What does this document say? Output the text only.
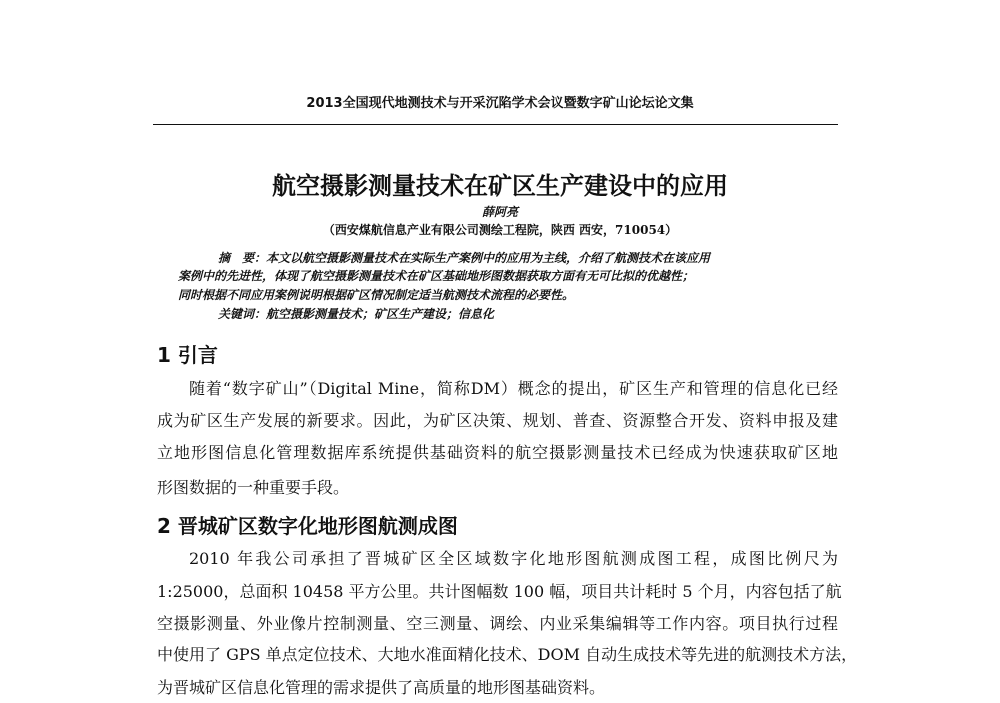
2013全国现代地测技术与开采沉陷学术会议暨数字矿山论坛论文集
航空摄影测量技术在矿区生产建设中的应用
薛阿亮
（西安煤航信息产业有限公司测绘工程院，陕西 西安，710054）
摘　要：本文以航空摄影测量技术在实际生产案例中的应用为主线，介绍了航测技术在该应用
案例中的先进性，体现了航空摄影测量技术在矿区基础地形图数据获取方面有无可比拟的优越性；
同时根据不同应用案例说明根据矿区情况制定适当航测技术流程的必要性。
关键词：航空摄影测量技术；矿区生产建设；信息化
1 引言
随着“数字矿山”（Digital Mine，简称DM）概念的提出，矿区生产和管理的信息化已经
成为矿区生产发展的新要求。因此，为矿区决策、规划、普查、资源整合开发、资料申报及建
立地形图信息化管理数据库系统提供基础资料的航空摄影测量技术已经成为快速获取矿区地
形图数据的一种重要手段。
2 晋城矿区数字化地形图航测成图
2010 年我公司承担了晋城矿区全区域数字化地形图航测成图工程，成图比例尺为
1:25000，总面积 10458 平方公里。共计图幅数 100 幅，项目共计耗时 5 个月，内容包括了航
空摄影测量、外业像片控制测量、空三测量、调绘、内业采集编辑等工作内容。项目执行过程
中使用了 GPS 单点定位技术、大地水准面精化技术、DOM 自动生成技术等先进的航测技术方法，
为晋城矿区信息化管理的需求提供了高质量的地形图基础资料。
